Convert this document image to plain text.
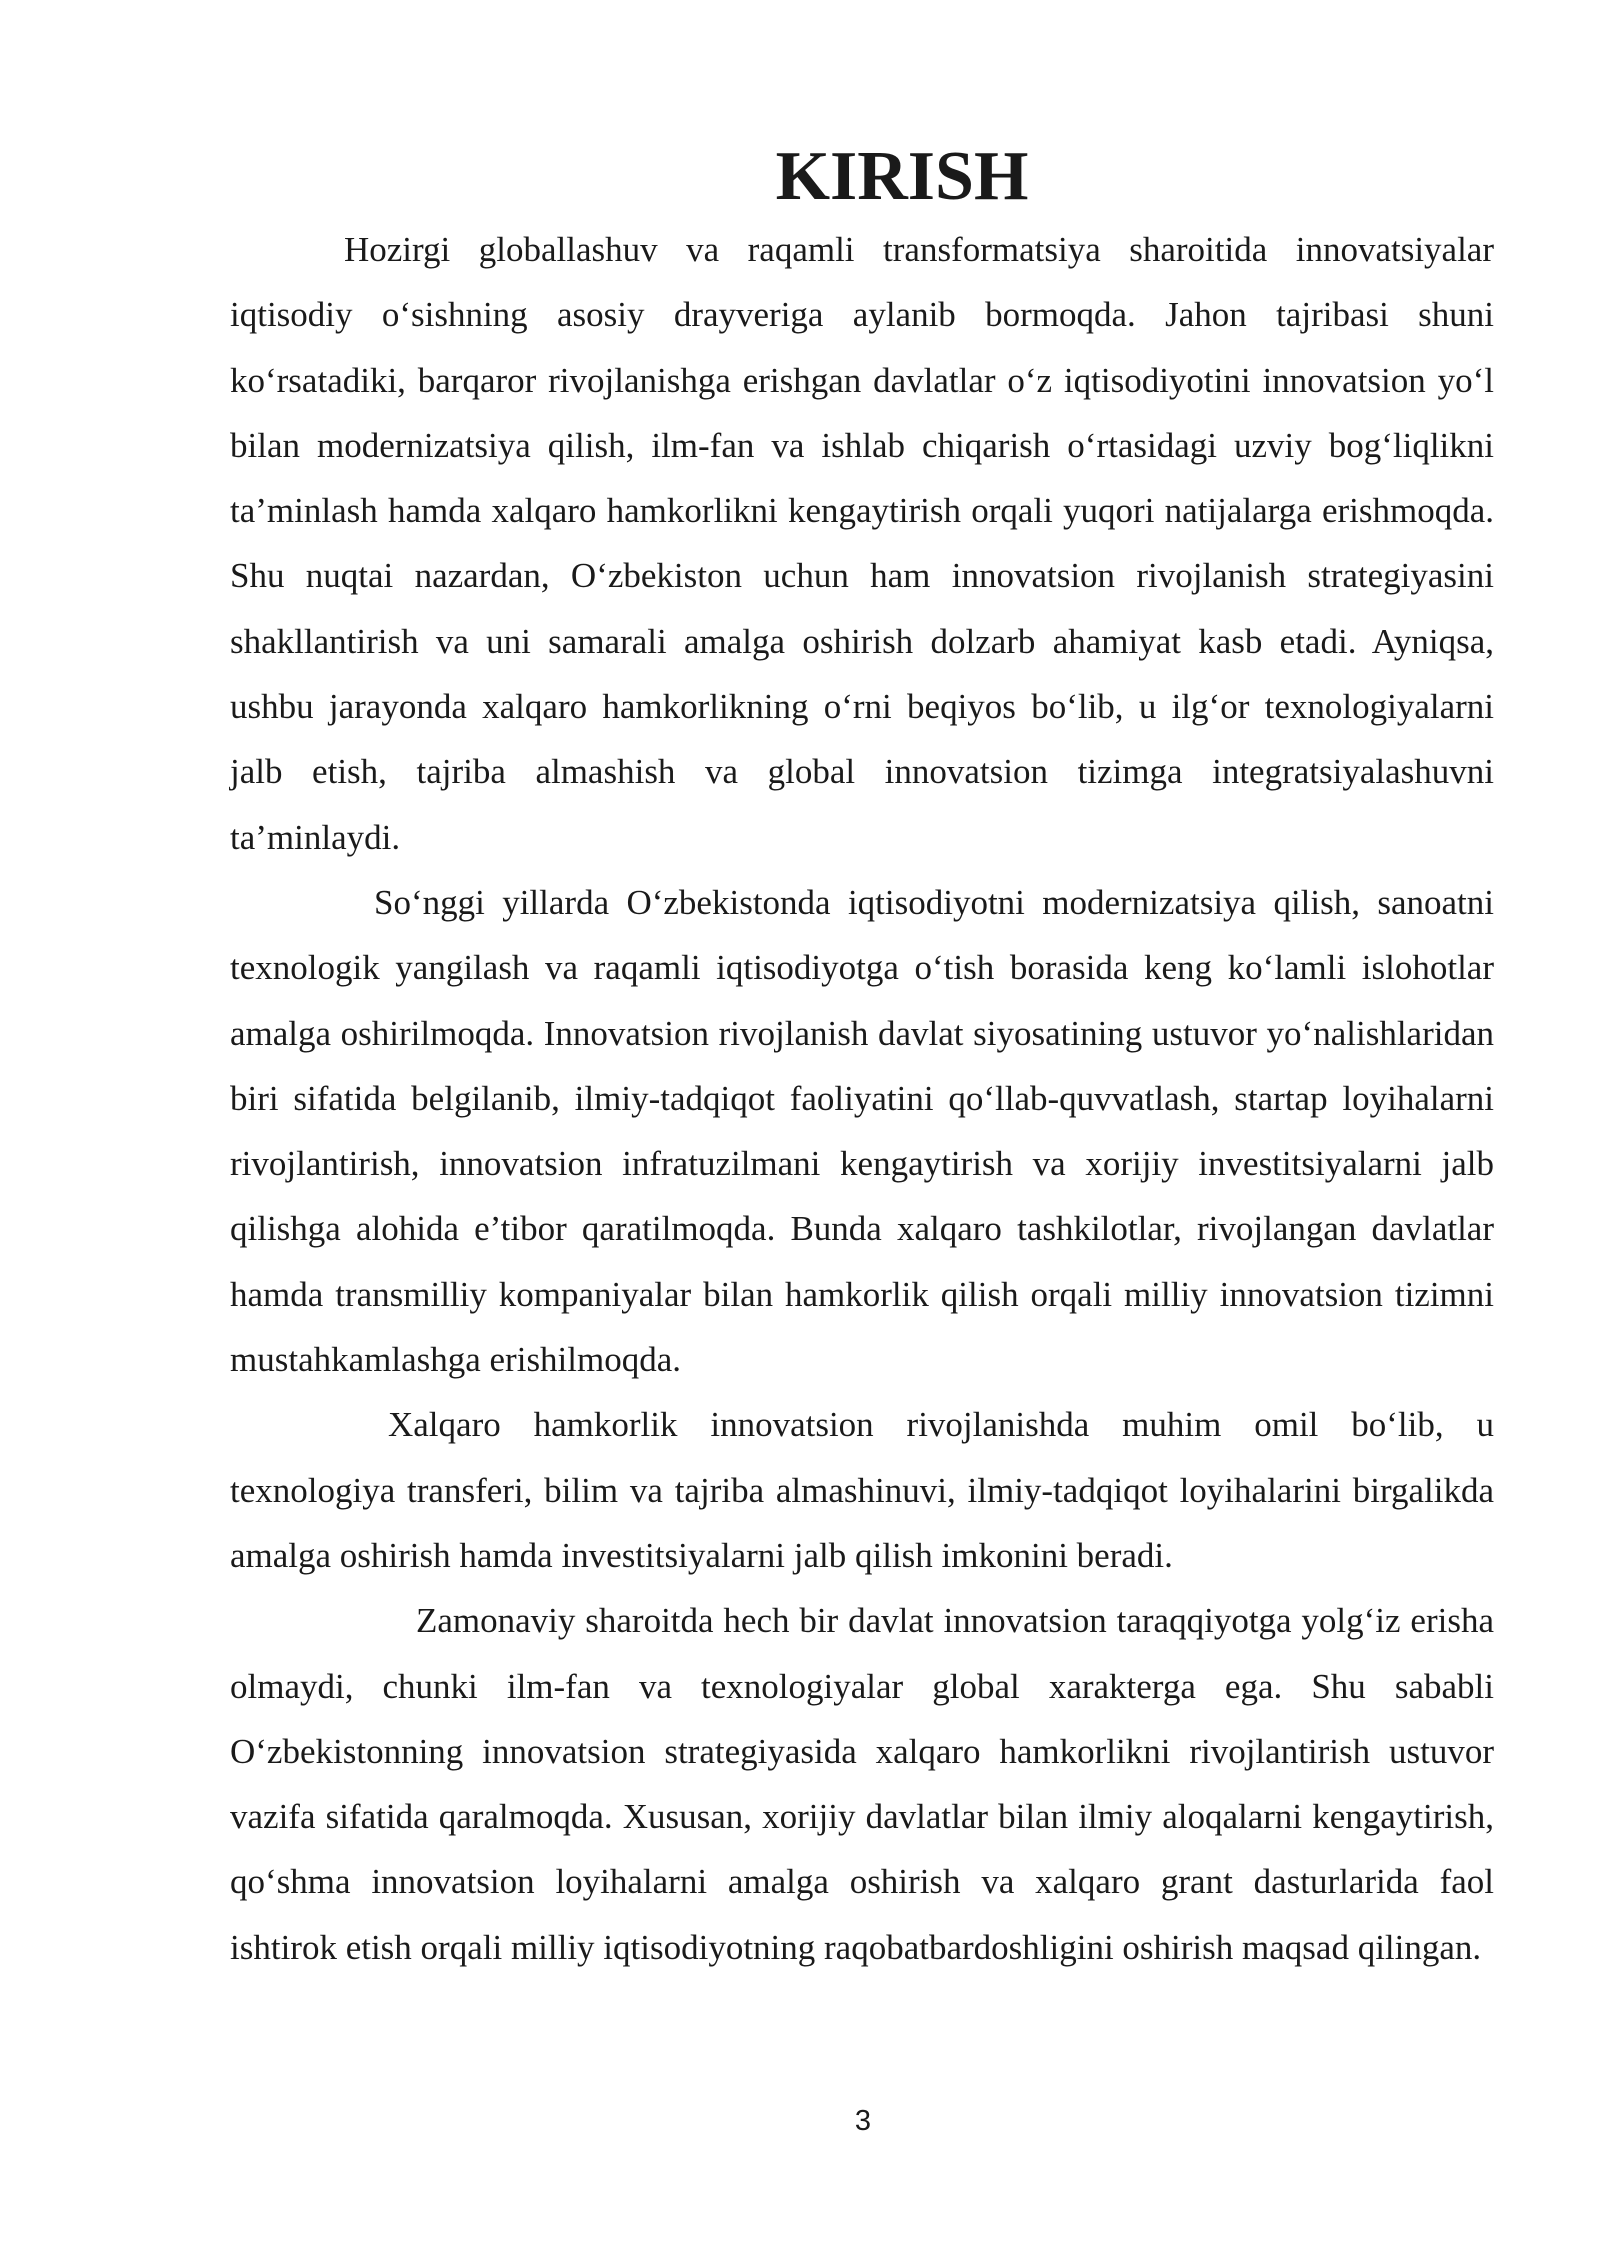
KIRISH

Hozirgi globallashuv va raqamli transformatsiya sharoitida innovatsiyalar iqtisodiy o‘sishning asosiy drayveriga aylanib bormoqda. Jahon tajribasi shuni ko‘rsatadiki, barqaror rivojlanishga erishgan davlatlar o‘z iqtisodiyotini innovatsion yo‘l bilan modernizatsiya qilish, ilm-fan va ishlab chiqarish o‘rtasidagi uzviy bog‘liqlikni ta’minlash hamda xalqaro hamkorlikni kengaytirish orqali yuqori natijalarga erishmoqda. Shu nuqtai nazardan, O‘zbekiston uchun ham innovatsion rivojlanish strategiyasini shakllantirish va uni samarali amalga oshirish dolzarb ahamiyat kasb etadi. Ayniqsa, ushbu jarayonda xalqaro hamkorlikning o‘rni beqiyos bo‘lib, u ilg‘or texnologiyalarni jalb etish, tajriba almashish va global innovatsion tizimga integratsiyalashuvni ta’minlaydi.

So‘nggi yillarda O‘zbekistonda iqtisodiyotni modernizatsiya qilish, sanoatni texnologik yangilash va raqamli iqtisodiyotga o‘tish borasida keng ko‘lamli islohotlar amalga oshirilmoqda. Innovatsion rivojlanish davlat siyosatining ustuvor yo‘nalishlaridan biri sifatida belgilanib, ilmiy-tadqiqot faoliyatini qo‘llab-quvvatlash, startap loyihalarni rivojlantirish, innovatsion infratuzilmani kengaytirish va xorijiy investitsiyalarni jalb qilishga alohida e’tibor qaratilmoqda. Bunda xalqaro tashkilotlar, rivojlangan davlatlar hamda transmilliy kompaniyalar bilan hamkorlik qilish orqali milliy innovatsion tizimni mustahkamlashga erishilmoqda.

Xalqaro hamkorlik innovatsion rivojlanishda muhim omil bo‘lib, u texnologiya transferi, bilim va tajriba almashinuvi, ilmiy-tadqiqot loyihalarini birgalikda amalga oshirish hamda investitsiyalarni jalb qilish imkonini beradi.

Zamonaviy sharoitda hech bir davlat innovatsion taraqqiyotga yolg‘iz erisha olmaydi, chunki ilm-fan va texnologiyalar global xarakterga ega. Shu sababli O‘zbekistonning innovatsion strategiyasida xalqaro hamkorlikni rivojlantirish ustuvor vazifa sifatida qaralmoqda. Xususan, xorijiy davlatlar bilan ilmiy aloqalarni kengaytirish, qo‘shma innovatsion loyihalarni amalga oshirish va xalqaro grant dasturlarida faol ishtirok etish orqali milliy iqtisodiyotning raqobatbardoshligini oshirish maqsad qilingan.

3
